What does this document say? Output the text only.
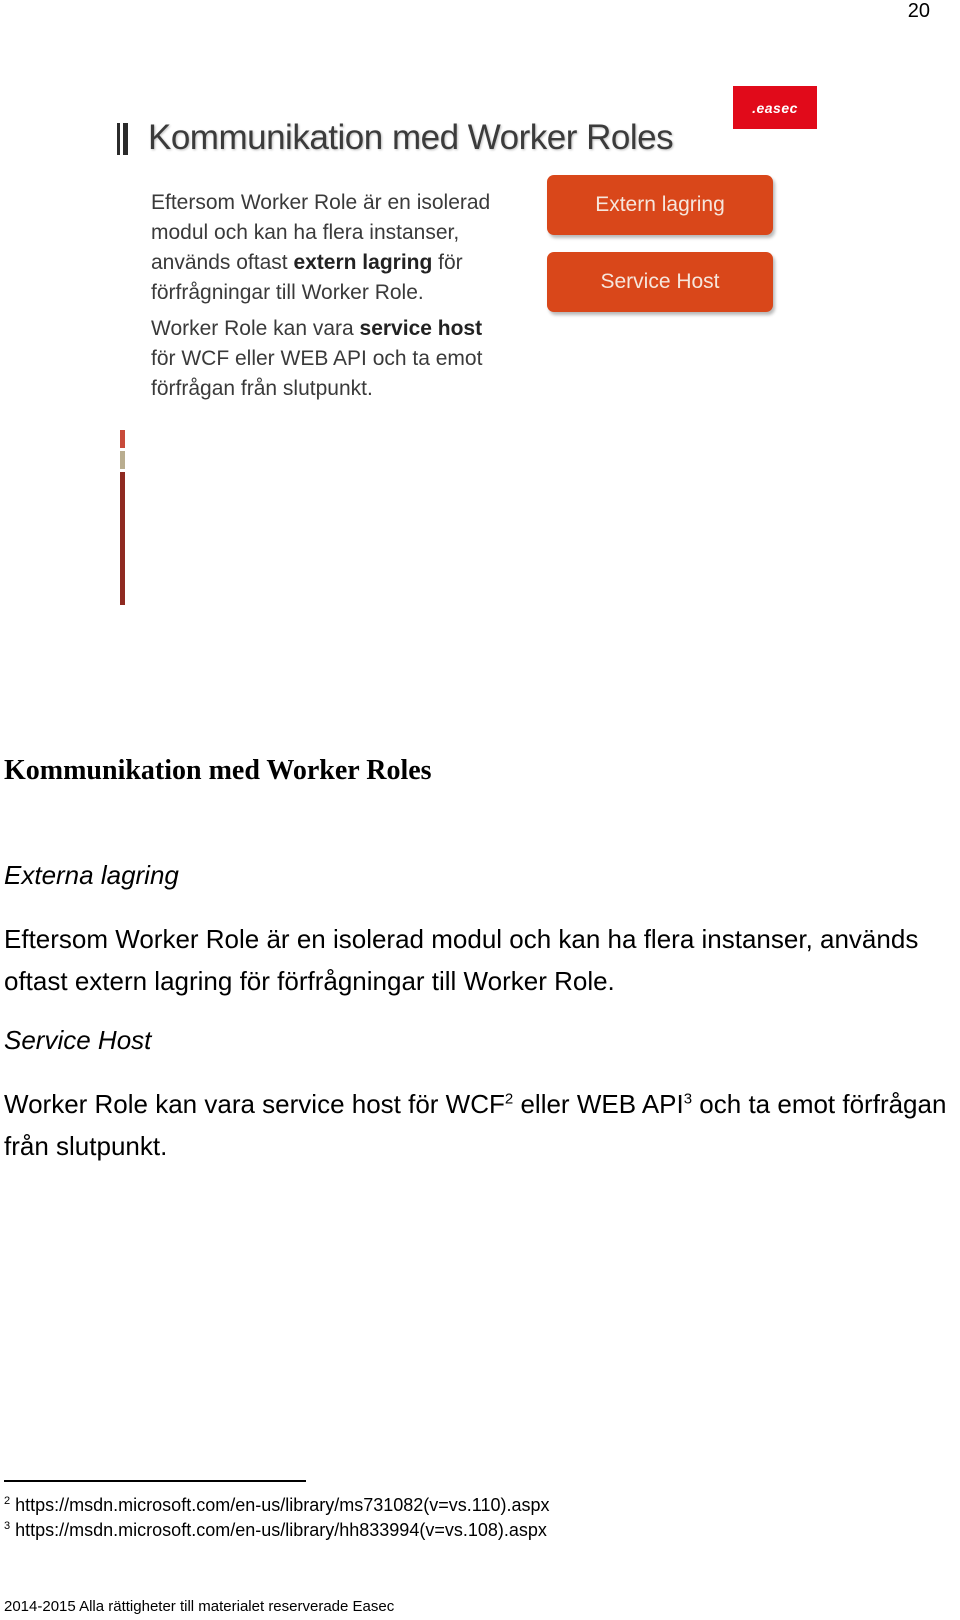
20
.easec
Kommunikation med Worker Roles

Eftersom Worker Role är en isolerad modul och kan ha flera instanser, används oftast extern lagring för förfrågningar till Worker Role.

Worker Role kan vara service host för WCF eller WEB API och ta emot förfrågan från slutpunkt.

Extern lagring
Service Host
Kommunikation med Worker Roles

Externa lagring

Eftersom Worker Role är en isolerad modul och kan ha flera instanser, används oftast extern lagring för förfrågningar till Worker Role.

Service Host

Worker Role kan vara service host för WCF$^2$ eller WEB API$^3$ och ta emot förfrågan från slutpunkt.

$^2$ https://msdn.microsoft.com/en-us/library/ms731082(v=vs.110).aspx

$^3$ https://msdn.microsoft.com/en-us/library/hh833994(v=vs.108).aspx

2014-2015 Alla rättigheter till materialet reserverade Easec
